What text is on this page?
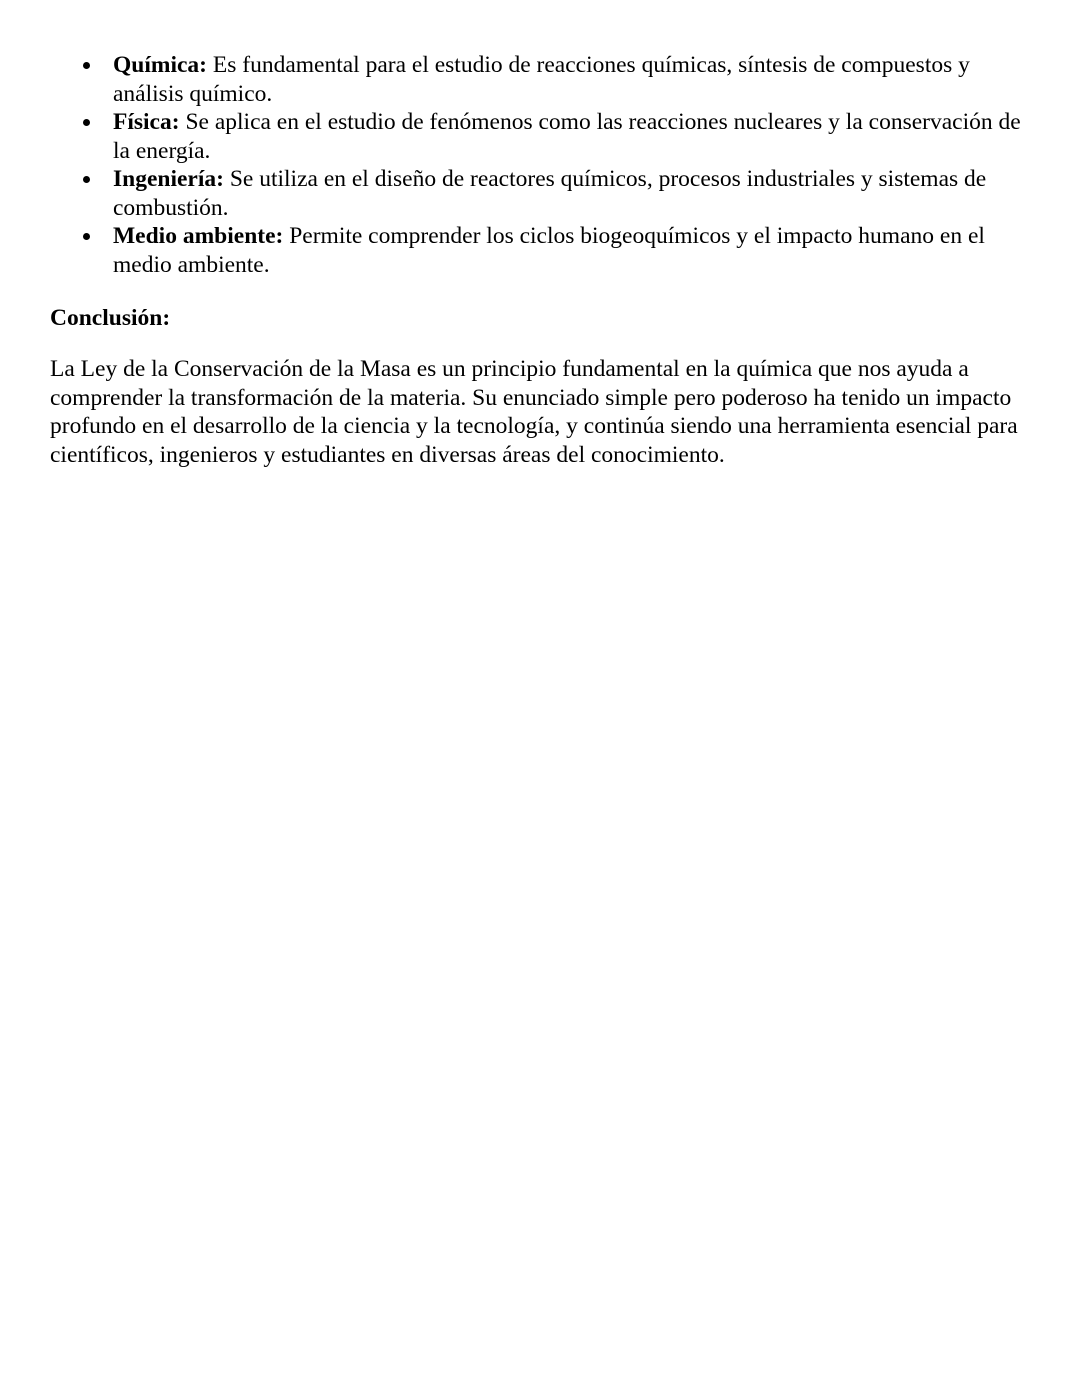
Química: Es fundamental para el estudio de reacciones químicas, síntesis de compuestos y análisis químico.
Física: Se aplica en el estudio de fenómenos como las reacciones nucleares y la conservación de la energía.
Ingeniería: Se utiliza en el diseño de reactores químicos, procesos industriales y sistemas de combustión.
Medio ambiente: Permite comprender los ciclos biogeoquímicos y el impacto humano en el medio ambiente.
Conclusión:

La Ley de la Conservación de la Masa es un principio fundamental en la química que nos ayuda a comprender la transformación de la materia. Su enunciado simple pero poderoso ha tenido un impacto profundo en el desarrollo de la ciencia y la tecnología, y continúa siendo una herramienta esencial para científicos, ingenieros y estudiantes en diversas áreas del conocimiento.
